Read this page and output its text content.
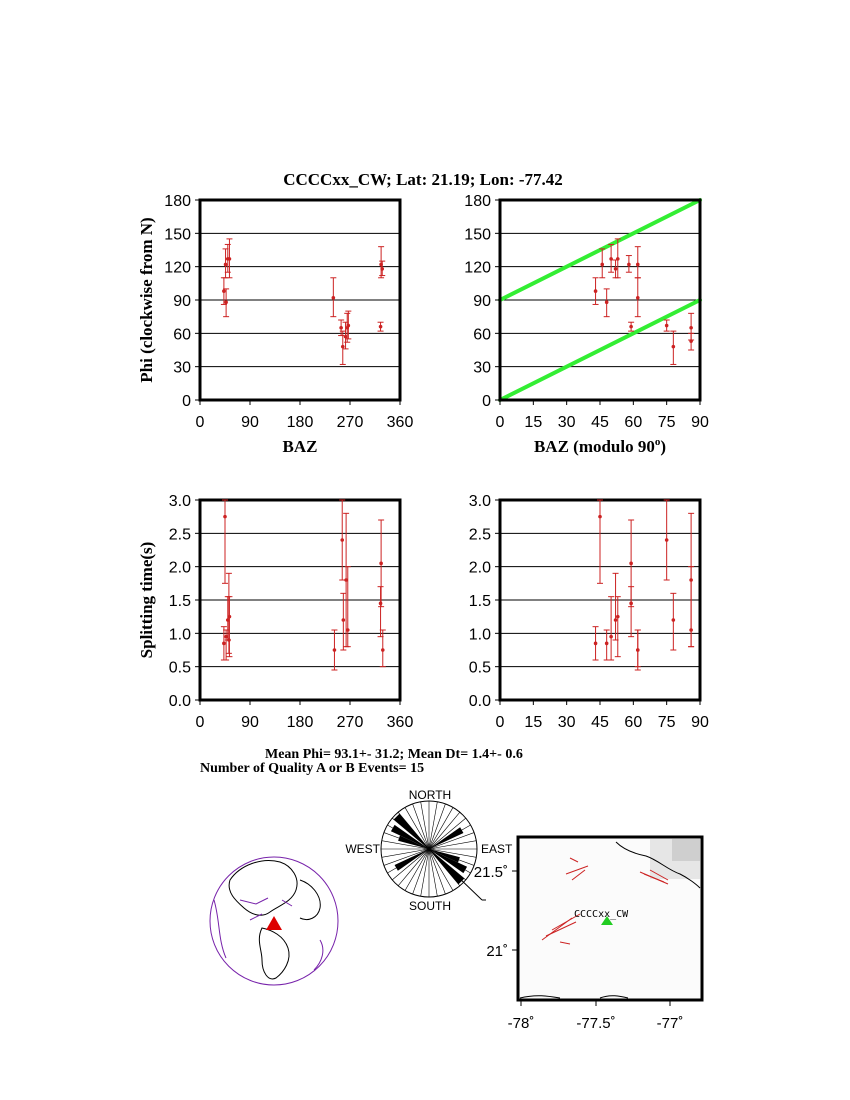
CCCCxx_CW; Lat: 21.19; Lon: -77.42
0 90 180 270 360
0
30
60
90
120
150
180
BAZ
Phi (clockwise from N)
0 15 30 45 60 75 90
0
30
60
90
120
150
180
BAZ (modulo 90$^o$)
0 90 180 270 360
0.0
0.5
1.0
1.5
2.0
2.5
3.0
Splitting time(s)
0 15 30 45 60 75 90
0.0
0.5
1.0
1.5
2.0
2.5
3.0
Mean Phi= 93.1+- 31.2; Mean Dt= 1.4+- 0.6
Number of Quality A or B Events= 15
NORTH
SOUTH
EAST
WEST
CCCCxx_CW
-78˚	-77.5˚	-77˚
21.5˚
21˚
